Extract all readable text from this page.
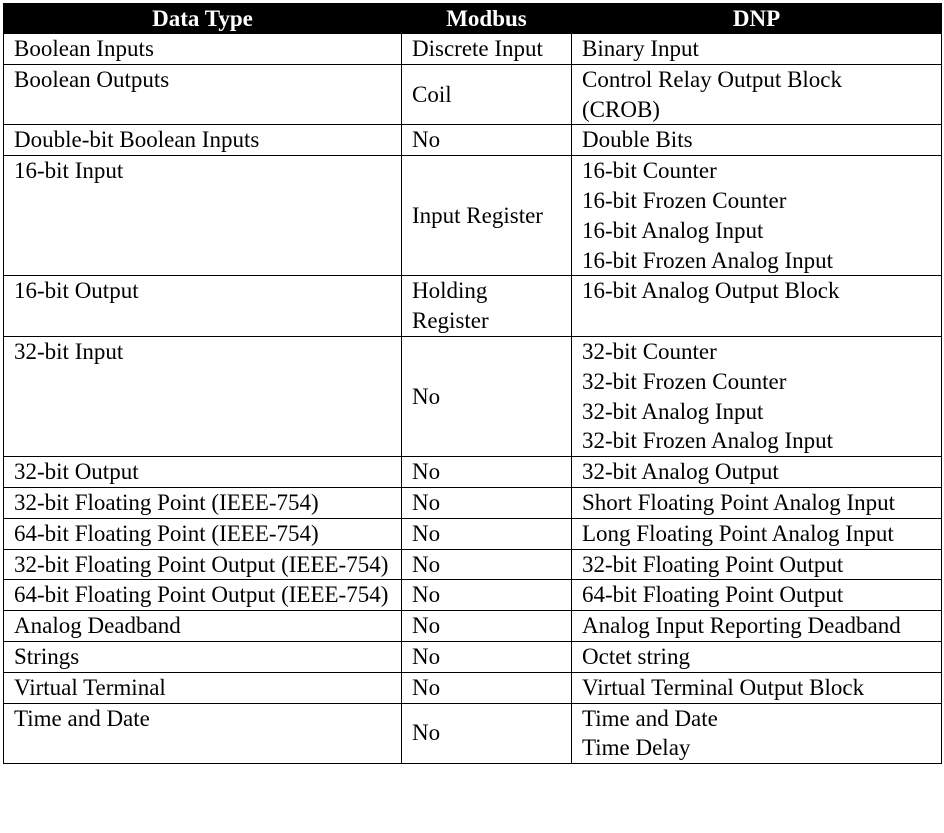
Data Type	Modbus	DNP
Boolean Inputs	Discrete Input	Binary Input

Boolean Outputs	Coil	Control Relay Output Block
(CROB)

Double-bit Boolean Inputs	No	Double Bits

16-bit Input	Input Register	16-bit Counter
16-bit Frozen Counter
16-bit Analog Input
16-bit Frozen Analog Input

16-bit Output	Holding Register	16-bit Analog Output Block

32-bit Input	No	32-bit Counter
32-bit Frozen Counter
32-bit Analog Input
32-bit Frozen Analog Input

32-bit Output	No	32-bit Analog Output

32-bit Floating Point (IEEE-754)	No	Short Floating Point Analog Input

64-bit Floating Point (IEEE-754)	No	Long Floating Point Analog Input

32-bit Floating Point Output (IEEE-754)	No	32-bit Floating Point Output

64-bit Floating Point Output (IEEE-754)	No	64-bit Floating Point Output

Analog Deadband	No	Analog Input Reporting Deadband

Strings	No	Octet string

Virtual Terminal	No	Virtual Terminal Output Block

Time and Date	No	Time and Date
Time Delay
